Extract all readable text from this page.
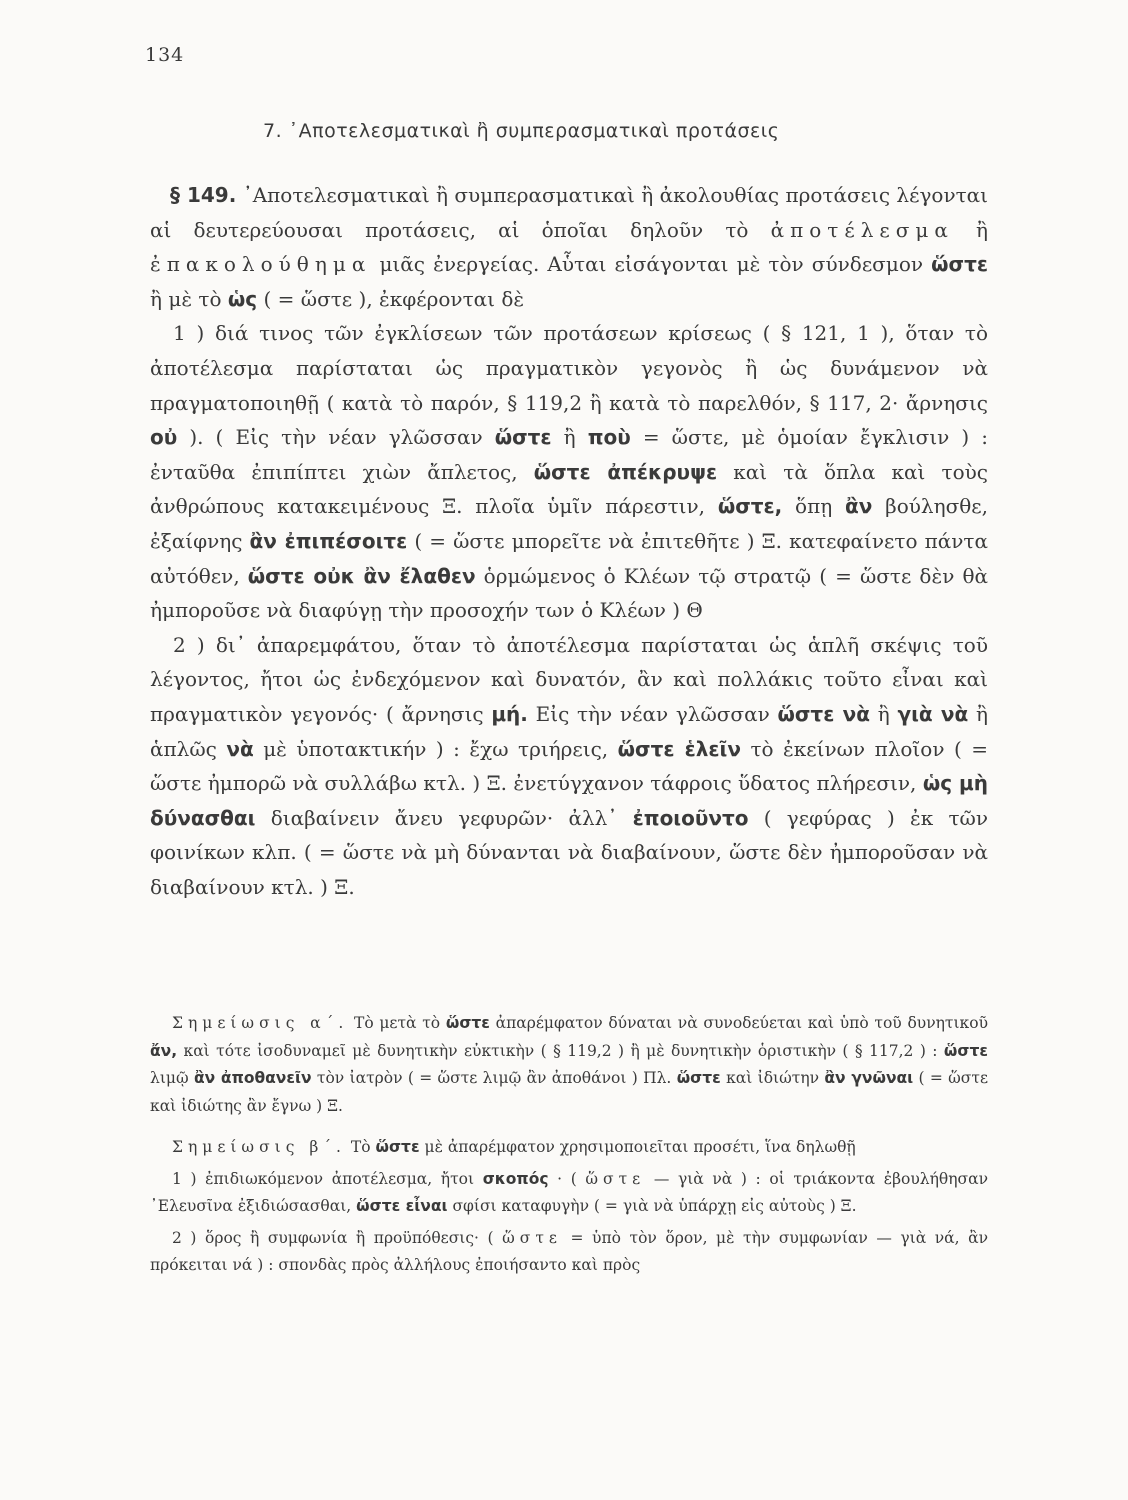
134
7. ᾿Αποτελεσματικαὶ ἢ συμπερασματικαὶ προτάσεις

§ 149. ᾿Αποτελεσματικαὶ ἢ συμπερασματικαὶ ἢ ἀκολουθίας προτάσεις λέγονται αἱ δευτερεύουσαι προτάσεις, αἱ ὁποῖαι δηλοῦν τὸ ἀποτέλεσμα ἢ ἐπακολούθημα μιᾶς ἐνεργείας. Αὗται εἰσάγονται μὲ τὸν σύνδεσμον ὥστε ἢ μὲ τὸ ὡς ( = ὥστε ), ἐκφέρονται δὲ

1 ) διά τινος τῶν ἐγκλίσεων τῶν προτάσεων κρίσεως ( § 121, 1 ), ὅταν τὸ ἀποτέλεσμα παρίσταται ὡς πραγματικὸν γεγονὸς ἢ ὡς δυνάμενον νὰ πραγματοποιηθῇ ( κατὰ τὸ παρόν, § 119,2 ἢ κατὰ τὸ παρελθόν, § 117, 2· ἄρνησις οὐ ). ( Εἰς τὴν νέαν γλῶσσαν ὥστε ἢ ποὺ = ὥστε, μὲ ὁμοίαν ἔγκλισιν ) : ἐνταῦθα ἐπιπίπτει χιὼν ἄπλετος, ὥστε ἀπέκρυψε καὶ τὰ ὅπλα καὶ τοὺς ἀνθρώπους κατακειμένους Ξ. πλοῖα ὑμῖν πάρεστιν, ὥστε, ὅπῃ ἂν βούλησθε, ἐξαίφνης ἂν ἐπιπέσοιτε ( = ὥστε μπορεῖτε νὰ ἐπιτεθῆτε ) Ξ. κατεφαίνετο πάντα αὐτόθεν, ὥστε οὐκ ἂν ἔλαθεν ὁρμώμενος ὁ Κλέων τῷ στρατῷ ( = ὥστε δὲν θὰ ἠμποροῦσε νὰ διαφύγῃ τὴν προσοχήν των ὁ Κλέων ) Θ

2 ) δι᾿ ἀπαρεμφάτου, ὅταν τὸ ἀποτέλεσμα παρίσταται ὡς ἁπλῆ σκέψις τοῦ λέγοντος, ἤτοι ὡς ἐνδεχόμενον καὶ δυνατόν, ἂν καὶ πολλάκις τοῦτο εἶναι καὶ πραγματικὸν γεγονός· ( ἄρνησις μή. Εἰς τὴν νέαν γλῶσσαν ὥστε νὰ ἢ γιὰ νὰ ἢ ἁπλῶς νὰ μὲ ὑποτακτικήν ) : ἔχω τριήρεις, ὥστε ἑλεῖν τὸ ἐκείνων πλοῖον ( = ὥστε ἠμπορῶ νὰ συλλάβω κτλ. ) Ξ. ἐνετύγχανον τάφροις ὕδατος πλήρεσιν, ὡς μὴ δύνασθαι διαβαίνειν ἄνευ γεφυρῶν· ἀλλ᾿ ἐποιοῦντο ( γεφύρας ) ἐκ τῶν φοινίκων κλπ. ( = ὥστε νὰ μὴ δύνανται νὰ διαβαίνουν, ὥστε δὲν ἠμποροῦσαν νὰ διαβαίνουν κτλ. ) Ξ.

Σημείωσις α΄. Τὸ μετὰ τὸ ὥστε ἀπαρέμφατον δύναται νὰ συνοδεύεται καὶ ὑπὸ τοῦ δυνητικοῦ ἄν, καὶ τότε ἰσοδυναμεῖ μὲ δυνητικὴν εὐκτικὴν ( § 119,2 ) ἢ μὲ δυνητικὴν ὁριστικὴν ( § 117,2 ) : ὥστε λιμῷ ἂν ἀποθανεῖν τὸν ἰατρὸν ( = ὥστε λιμῷ ἂν ἀποθάνοι ) Πλ. ὥστε καὶ ἰδιώτην ἂν γνῶναι ( = ὥστε καὶ ἰδιώτης ἂν ἔγνω ) Ξ.

Σημείωσις β΄. Τὸ ὥστε μὲ ἀπαρέμφατον χρησιμοποιεῖται προσέτι, ἵνα δηλωθῇ

1 ) ἐπιδιωκόμενον ἀποτέλεσμα, ἤτοι σκοπός · ( ὥστε — γιὰ νὰ ) : οἱ τριάκοντα ἐβουλήθησαν ᾿Ελευσῖνα ἐξιδιώσασθαι, ὥστε εἶναι σφίσι καταφυγὴν ( = γιὰ νὰ ὑπάρχῃ εἰς αὐτοὺς ) Ξ.

2 ) ὅρος ἢ συμφωνία ἢ προϋπόθεσις· ( ὥστε = ὑπὸ τὸν ὅρον, μὲ τὴν συμφωνίαν — γιὰ νά, ἂν πρόκειται νά ) : σπονδὰς πρὸς ἀλλήλους ἐποιήσαντο καὶ πρὸς
